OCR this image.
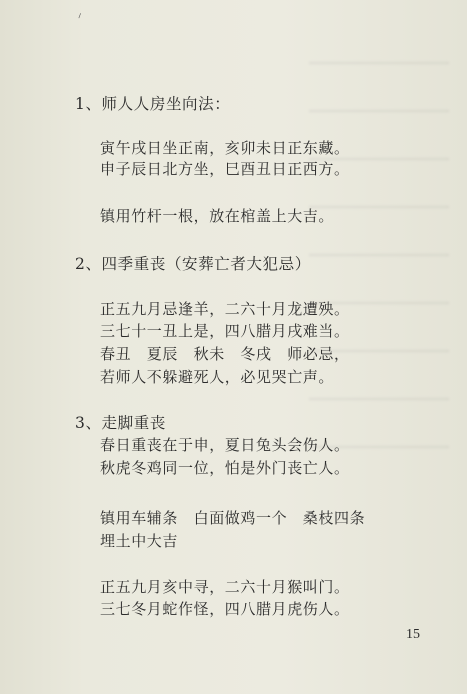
⸝
1、师人人房坐向法：
寅午戌日坐正南，亥卯未日正东藏。
申子辰日北方坐，巳酉丑日正西方。
镇用竹杆一根，放在棺盖上大吉。
2、四季重丧（安葬亡者大犯忌）
正五九月忌逢羊，二六十月龙遭殃。
三七十一丑上是，四八腊月戌难当。
春丑　夏辰　秋未　冬戌　师必忌，
若师人不躲避死人，必见哭亡声。
3、走脚重丧
春日重丧在于申，夏日兔头会伤人。
秋虎冬鸡同一位，怕是外门丧亡人。
镇用车辅条　白面做鸡一个　桑枝四条
埋土中大吉
正五九月亥中寻，二六十月猴叫门。
三七冬月蛇作怪，四八腊月虎伤人。
15
